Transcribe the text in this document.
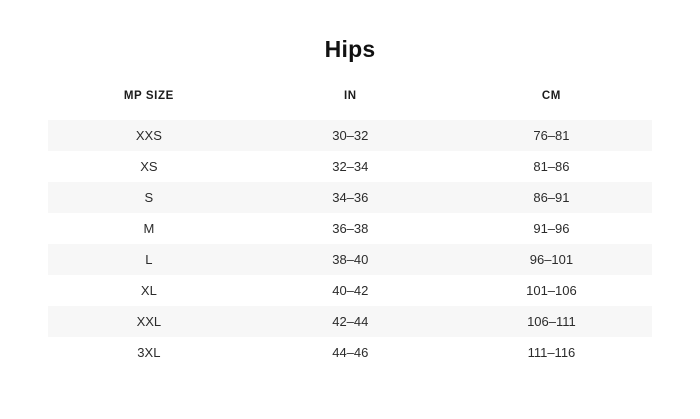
Hips
MP SIZE	IN	CM
XXS	30–32	76–81
XS	32–34	81–86
S	34–36	86–91
M	36–38	91–96
L	38–40	96–101
XL	40–42	101–106
XXL	42–44	106–111
3XL	44–46	111–116
